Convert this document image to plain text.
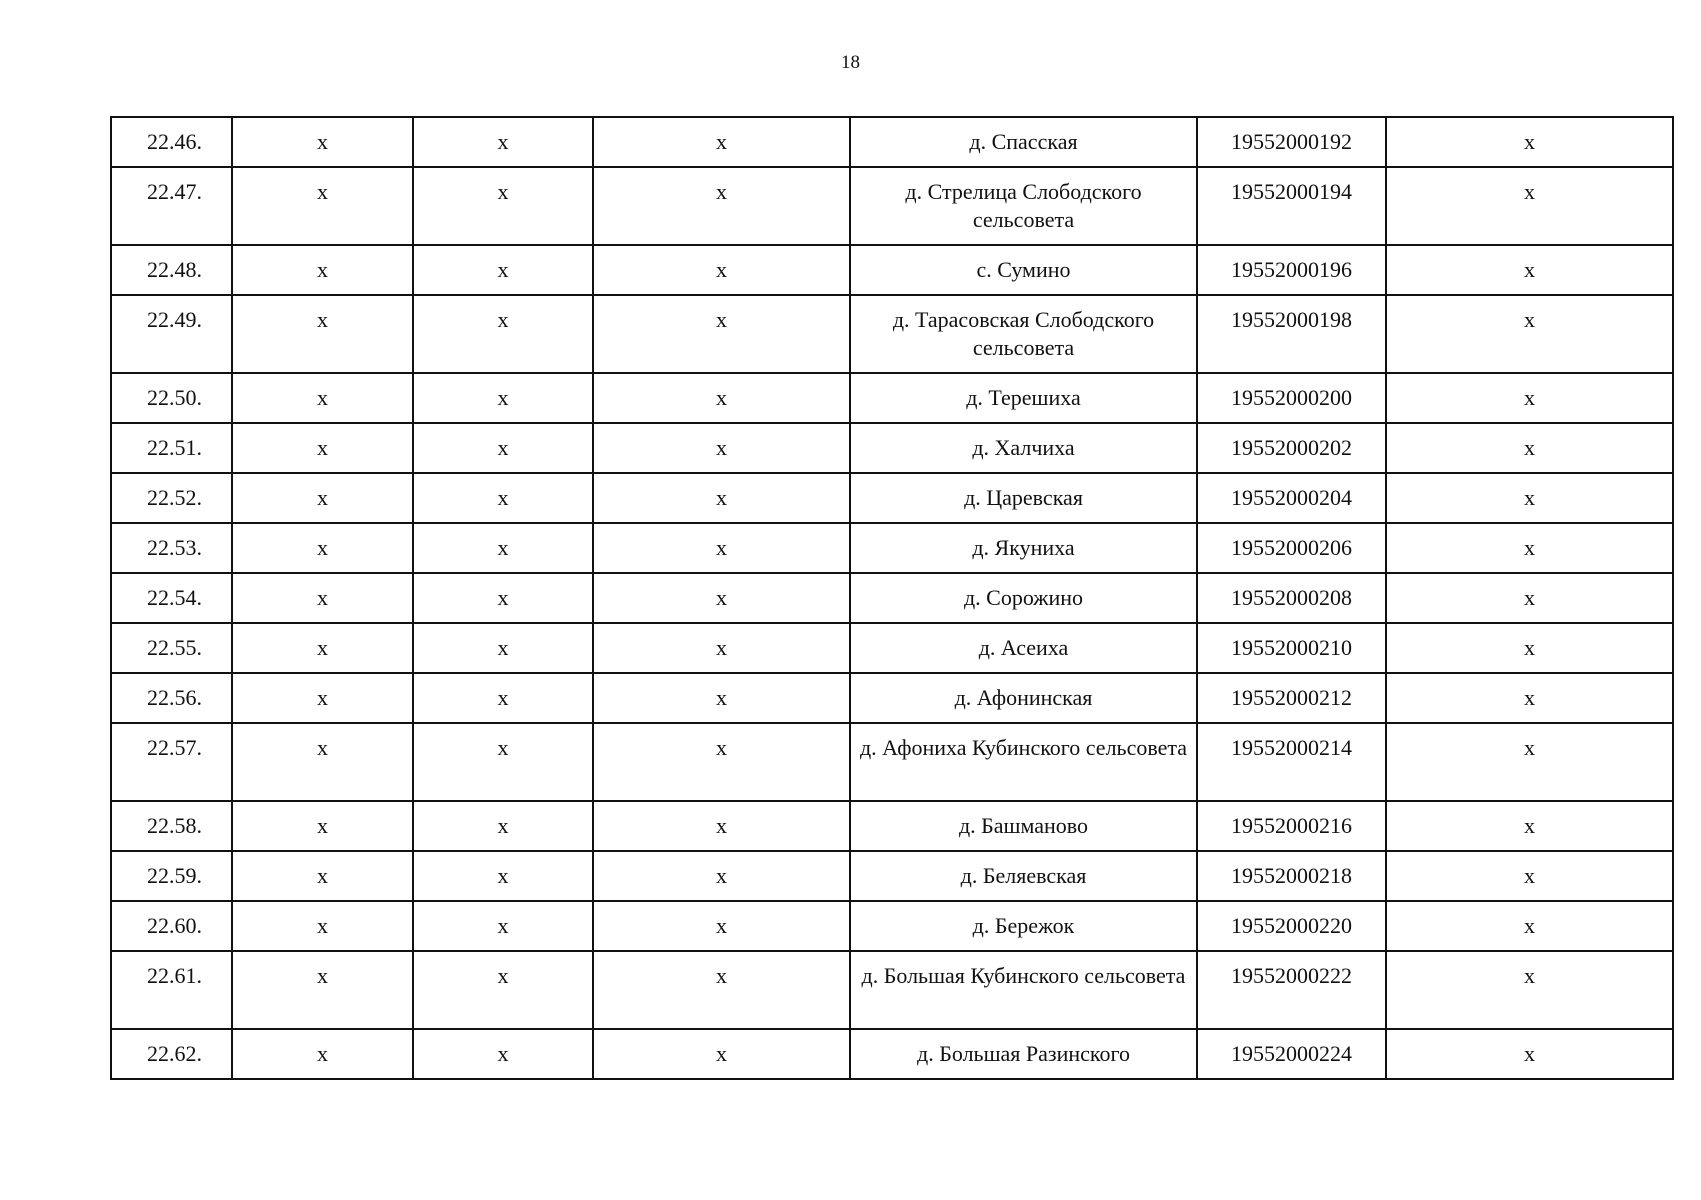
18
22.46.	x	x	x	д. Спасская	19552000192	x
22.47.	x	x	x	д. Стрелица Слободского сельсовета	19552000194	x
22.48.	x	x	x	с. Сумино	19552000196	x
22.49.	x	x	x	д. Тарасовская Слободского сельсовета	19552000198	x
22.50.	x	x	x	д. Терешиха	19552000200	x
22.51.	x	x	x	д. Халчиха	19552000202	x
22.52.	x	x	x	д. Царевская	19552000204	x
22.53.	x	x	x	д. Якуниха	19552000206	x
22.54.	x	x	x	д. Сорожино	19552000208	x
22.55.	x	x	x	д. Асеиха	19552000210	x
22.56.	x	x	x	д. Афонинская	19552000212	x
22.57.	x	x	x	д. Афониха Кубинского сельсовета	19552000214	x
22.58.	x	x	x	д. Башманово	19552000216	x
22.59.	x	x	x	д. Беляевская	19552000218	x
22.60.	x	x	x	д. Бережок	19552000220	x
22.61.	x	x	x	д. Большая Кубинского сельсовета	19552000222	x
22.62.	x	x	x	д. Большая Разинского	19552000224	x
